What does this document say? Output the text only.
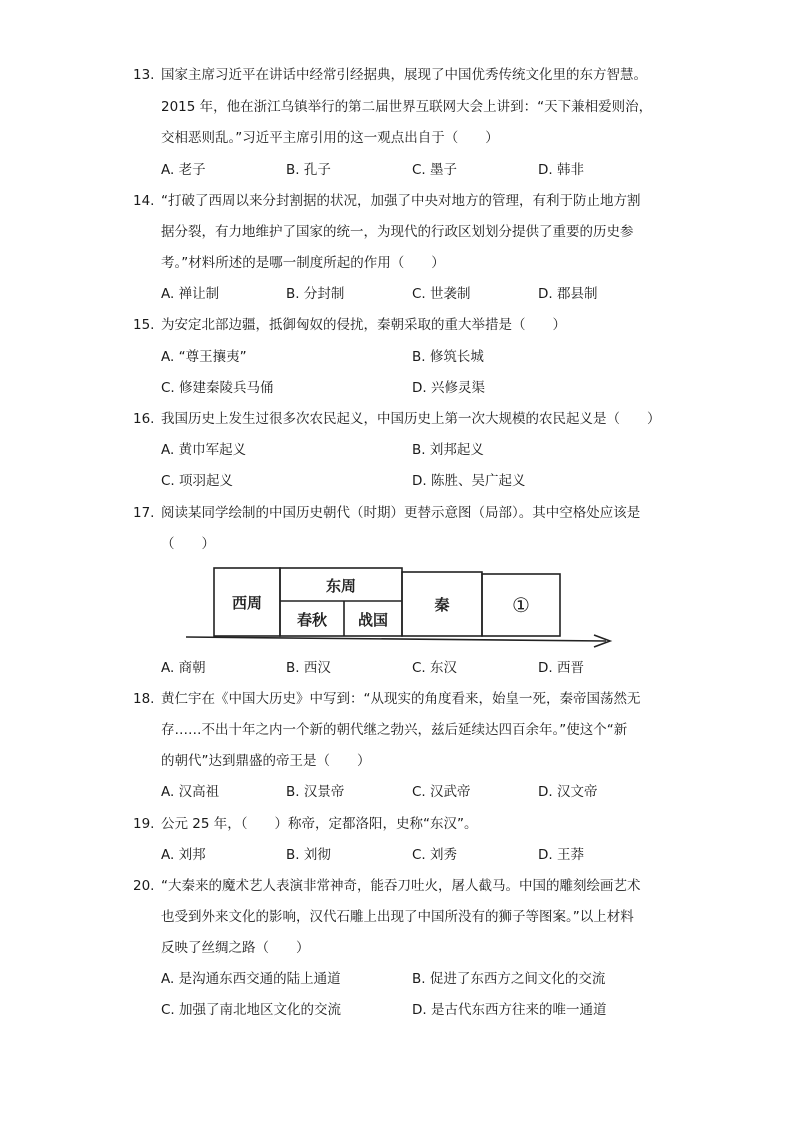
13. 国家主席习近平在讲话中经常引经据典，展现了中国优秀传统文化里的东方智慧。
2015 年，他在浙江乌镇举行的第二届世界互联网大会上讲到：“天下兼相爱则治，
交相恶则乱。”习近平主席引用的这一观点出自于（　　）
A. 老子	B. 孔子	C. 墨子	D. 韩非
14. “打破了西周以来分封割据的状况，加强了中央对地方的管理，有利于防止地方割
据分裂，有力地维护了国家的统一，为现代的行政区划划分提供了重要的历史参
考。”材料所述的是哪一制度所起的作用（　　）
A. 禅让制	B. 分封制	C. 世袭制	D. 郡县制
15. 为安定北部边疆，抵御匈奴的侵扰，秦朝采取的重大举措是（　　）
A. “尊王攘夷”	B. 修筑长城
C. 修建秦陵兵马俑	D. 兴修灵渠
16. 我国历史上发生过很多次农民起义，中国历史上第一次大规模的农民起义是（　　）
A. 黄巾军起义	B. 刘邦起义
C. 项羽起义	D. 陈胜、吴广起义
17. 阅读某同学绘制的中国历史朝代（时期）更替示意图（局部）。其中空格处应该是
（　　）
西周
东周
春秋 战国
秦	①
A. 商朝	B. 西汉	C. 东汉	D. 西晋
18. 黄仁宇在《中国大历史》中写到：“从现实的角度看来，始皇一死，秦帝国荡然无
存……不出十年之内一个新的朝代继之勃兴，兹后延续达四百余年。”使这个“新
的朝代”达到鼎盛的帝王是（　　）
A. 汉高祖	B. 汉景帝	C. 汉武帝	D. 汉文帝
19. 公元 25 年，（　　）称帝，定都洛阳，史称“东汉”。
A. 刘邦	B. 刘彻	C. 刘秀	D. 王莽
20. “大秦来的魔术艺人表演非常神奇，能吞刀吐火，屠人截马。中国的雕刻绘画艺术
也受到外来文化的影响，汉代石雕上出现了中国所没有的狮子等图案。”以上材料
反映了丝绸之路（　　）
A. 是沟通东西交通的陆上通道	B. 促进了东西方之间文化的交流
C. 加强了南北地区文化的交流	D. 是古代东西方往来的唯一通道
